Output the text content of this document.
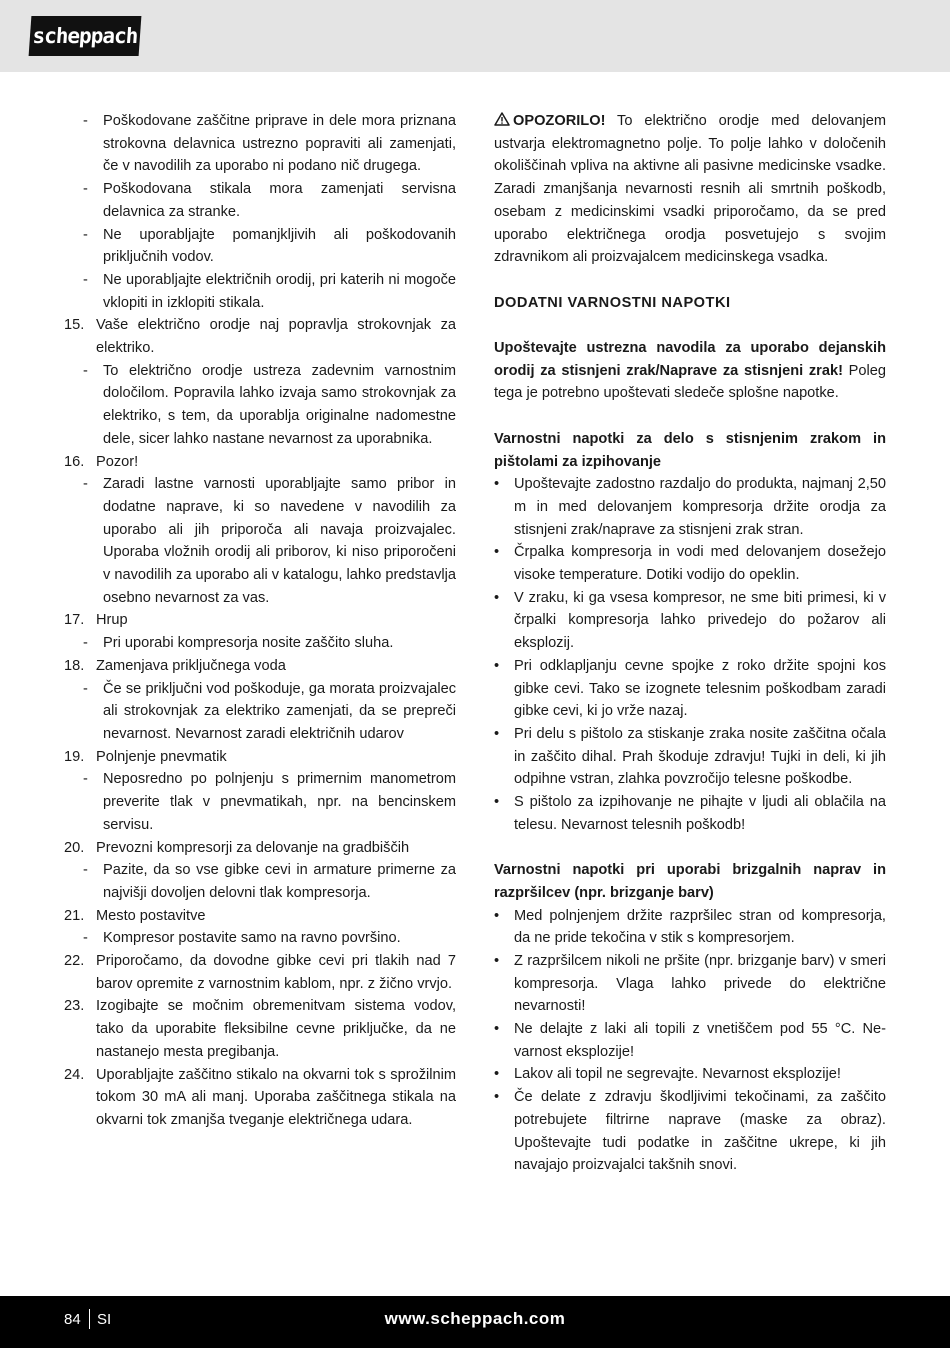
scheppach
- Poškodovane zaščitne priprave in dele mora priznana strokovna delavnica ustrezno popraviti ali zamenjati, če v navodilih za uporabo ni podano nič drugega.
- Poškodovana stikala mora zamenjati servisna delavnica za stranke.
- Ne uporabljajte pomanjkljivih ali poškodovanih priključnih vodov.
- Ne uporabljajte električnih orodij, pri katerih ni mogoče vklopiti in izklopiti stikala.
15. Vaše električno orodje naj popravlja strokovnjak za elektriko.
- To električno orodje ustreza zadevnim varnostnim določilom. Popravila lahko izvaja samo strokovnjak za elektriko, s tem, da uporablja originalne nadomestne dele, sicer lahko nastane nevarnost za uporabnika.
16. Pozor!
- Zaradi lastne varnosti uporabljajte samo pribor in dodatne naprave, ki so navedene v navodilih za uporabo ali jih priporoča ali navaja proizvajalec. Uporaba vložnih orodij ali priborov, ki niso priporočeni v navodilih za uporabo ali v katalogu, lahko predstavlja osebno nevarnost za vas.
17. Hrup
- Pri uporabi kompresorja nosite zaščito sluha.
18. Zamenjava priključnega voda
- Če se priključni vod poškoduje, ga morata proizvajalec ali strokovnjak za elektriko zamenjati, da se prepreči nevarnost. Nevarnost zaradi električnih udarov
19. Polnjenje pnevmatik
- Neposredno po polnjenju s primernim manometrom preverite tlak v pnevmatikah, npr. na bencinskem servisu.
20. Prevozni kompresorji za delovanje na gradbiščih
- Pazite, da so vse gibke cevi in armature primerne za najvišji dovoljen delovni tlak kompresorja.
21. Mesto postavitve
- Kompresor postavite samo na ravno površino.
22. Priporočamo, da dovodne gibke cevi pri tlakih nad 7 barov opremite z varnostnim kablom, npr. z žično vrvjo.
23. Izogibajte se močnim obremenitvam sistema vodov, tako da uporabite fleksibilne cevne priključke, da ne nastanejo mesta pregibanja.
24. Uporabljajte zaščitno stikalo na okvarni tok s sprožilnim tokom 30 mA ali manj. Uporaba zaščitnega stikala na okvarni tok zmanjša tveganje električnega udara.
OPOZORILO! To električno orodje med delovanjem ustvarja elektromagnetno polje. To polje lahko v določenih okoliščinah vpliva na aktivne ali pasivne medicinske vsadke. Zaradi zmanjšanja nevarnosti resnih ali smrtnih poškodb, osebam z medicinskimi vsadki priporočamo, da se pred uporabo električnega orodja posvetujejo s svojim zdravnikom ali proizvajalcem medicinskega vsadka.
DODATNI VARNOSTNI NAPOTKI
Upoštevajte ustrezna navodila za uporabo dejanskih orodij za stisnjeni zrak/Naprave za stisnjeni zrak! Poleg tega je potrebno upoštevati sledeče splošne napotke.
Varnostni napotki za delo s stisnjenim zrakom in pištolami za izpihovanje
• Upoštevajte zadostno razdaljo do produkta, najmanj 2,50 m in med delovanjem kompresorja držite orodja za stisnjeni zrak/naprave za stisnjeni zrak stran.
• Črpalka kompresorja in vodi med delovanjem dosežejo visoke temperature. Dotiki vodijo do opeklin.
• V zraku, ki ga vsesa kompresor, ne sme biti primesi, ki v črpalki kompresorja lahko privedejo do požarov ali eksplozij.
• Pri odklapljanju cevne spojke z roko držite spojni kos gibke cevi. Tako se izognete telesnim poškodbam zaradi gibke cevi, ki jo vrže nazaj.
• Pri delu s pištolo za stiskanje zraka nosite zaščitna očala in zaščito dihal. Prah škoduje zdravju! Tujki in deli, ki jih odpihne vstran, zlahka povzročijo telesne poškodbe.
• S pištolo za izpihovanje ne pihajte v ljudi ali oblačila na telesu. Nevarnost telesnih poškodb!
Varnostni napotki pri uporabi brizgalnih naprav in razpršilcev (npr. brizganje barv)
• Med polnjenjem držite razpršilec stran od kompresorja, da ne pride tekočina v stik s kompresorjem.
• Z razpršilcem nikoli ne pršite (npr. brizganje barv) v smeri kompresorja. Vlaga lahko privede do električne nevarnosti!
• Ne delajte z laki ali topili z vnetiščem pod 55 °C. Nevarnost eksplozije!
• Lakov ali topil ne segrevajte. Nevarnost eksplozije!
• Če delate z zdravju škodljivimi tekočinami, za zaščito potrebujete filtrirne naprave (maske za obraz). Upoštevajte tudi podatke in zaščitne ukrepe, ki jih navajajo proizvajalci takšnih snovi.
84 SI	www.scheppach.com
